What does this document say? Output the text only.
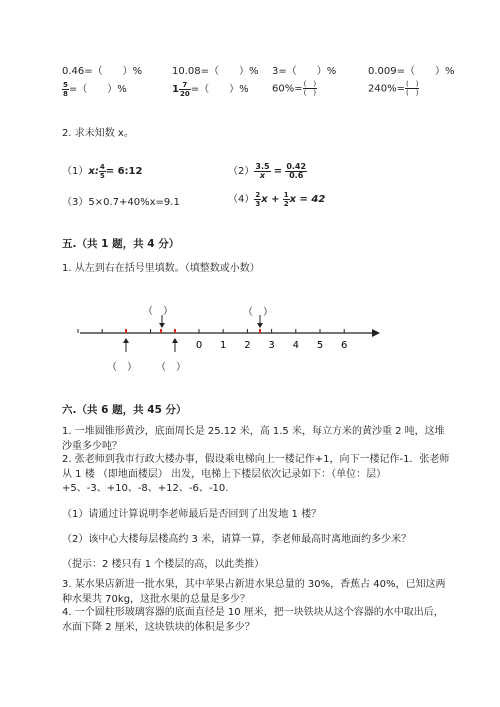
0.46=（　　）%	10.08=（　　）% 3=（　　）%	0.009=（　　）%
$\frac{5}{8}$ =（　　）%	$1 \frac{7}{20}$ =（　　）% $60\%= \frac{( )}{( )}$	$240\%= \frac{( )}{( )}$
2. 求未知数 x。
（1）x: $\frac{4}{5}$ = 6:12	$(2) \frac{3.5}{x} = \frac{0.42}{0.6}$
（3）5×0.7+40%x=9.1	$(4) \frac{2}{3}$ $x + \frac{1}{2}$ x = 42
五.（共 1 题，共 4 分）
1. 从左到右在括号里填数。（填整数或小数）
0 1 2 3 4 5 6
（　）	（　）
（　） （　）
六.（共 6 题，共 45 分）
1. 一堆圆锥形黄沙，底面周长是 25.12 米，高 1.5 米，每立方米的黄沙重 2 吨，这堆沙重多少吨？
2. 张老师到我市行政大楼办事，假设乘电梯向上一楼记作+1，向下一楼记作-1．张老师从 1 楼 （即地面楼层） 出发，电梯上下楼层依次记录如下：（单位：层）+5、-3、+10、-8、+12、-6、-10.
（1）请通过计算说明李老师最后是否回到了出发地 1 楼？
（2）该中心大楼每层楼高约 3 米，请算一算，李老师最高时离地面约多少米？
（提示：2 楼只有 1 个楼层的高，以此类推）
3. 某水果店新进一批水果，其中苹果占新进水果总量的 30%，香蕉占 40%，已知这两种水果共 70kg，这批水果的总量是多少？
4. 一个圆柱形玻璃容器的底面直径是 10 厘米，把一块铁块从这个容器的水中取出后，水面下降 2 厘米，这块铁块的体积是多少？
